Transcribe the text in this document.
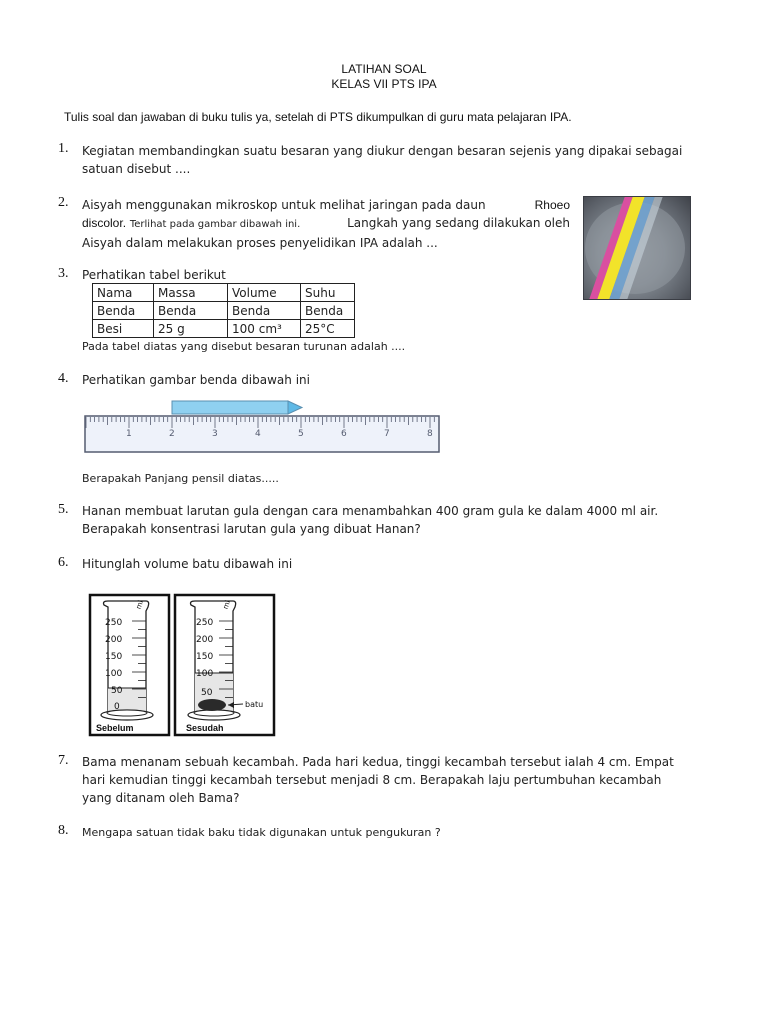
LATIHAN SOAL
KELAS VII PTS IPA
Tulis soal dan jawaban di buku tulis ya, setelah di PTS dikumpulkan di guru mata pelajaran IPA.
1. Kegiatan membandingkan suatu besaran yang diukur dengan besaran sejenis yang dipakai sebagai
satuan disebut ....
2. Aisyah menggunakan mikroskop untuk melihat jaringan pada daun	Rhoeo
discolor. Terlihat pada gambar dibawah ini.	Langkah yang sedang dilakukan oleh
Aisyah dalam melakukan proses penyelidikan IPA adalah ...
3. Perhatikan tabel berikut
Nama	Massa	Volume	Suhu
Benda	Benda	Benda	Benda
Besi	25 g	100 cm³	25°C
Pada tabel diatas yang disebut besaran turunan adalah ....
4. Perhatikan gambar benda dibawah ini
1	2	3	4	5	6	7	8
Berapakah Panjang pensil diatas.....
5. Hanan membuat larutan gula dengan cara menambahkan 400 gram gula ke dalam 4000 ml air.
Berapakah konsentrasi larutan gula yang dibuat Hanan?
6. Hitunglah volume batu dibawah ini
ml
250
200
150
100
50
0
ml
250
200
150
100
50
batu
Sebelum	Sesudah
7. Bama menanam sebuah kecambah. Pada hari kedua, tinggi kecambah tersebut ialah 4 cm. Empat
hari kemudian tinggi kecambah tersebut menjadi 8 cm. Berapakah laju pertumbuhan kecambah
yang ditanam oleh Bama?
8. Mengapa satuan tidak baku tidak digunakan untuk pengukuran ?
